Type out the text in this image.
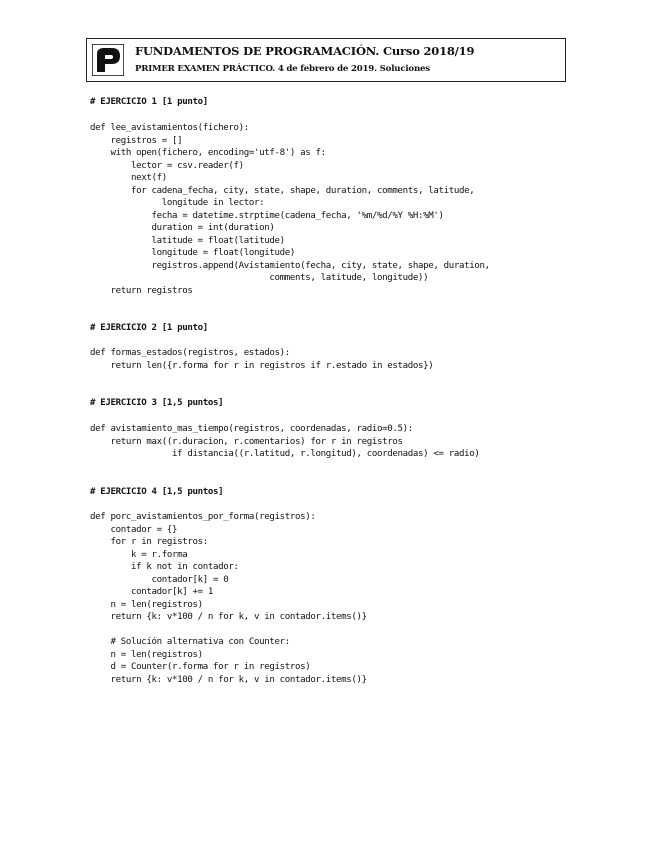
FUNDAMENTOS DE PROGRAMACIÓN. Curso 2018/19
PRIMER EXAMEN PRÁCTICO. 4 de febrero de 2019. Soluciones
# EJERCICIO 1 [1 punto]
def lee_avistamientos(fichero):
registros = []
with open(fichero, encoding='utf-8') as f:
lector = csv.reader(f)
next(f)
for cadena_fecha, city, state, shape, duration, comments, latitude,
longitude in lector:
fecha = datetime.strptime(cadena_fecha, '%m/%d/%Y %H:%M')
duration = int(duration)
latitude = float(latitude)
longitude = float(longitude)
registros.append(Avistamiento(fecha, city, state, shape, duration,
comments, latitude, longitude))
return registros
# EJERCICIO 2 [1 punto]
def formas_estados(registros, estados):
return len({r.forma for r in registros if r.estado in estados})
# EJERCICIO 3 [1,5 puntos]
def avistamiento_mas_tiempo(registros, coordenadas, radio=0.5):
return max((r.duracion, r.comentarios) for r in registros
if distancia((r.latitud, r.longitud), coordenadas) <= radio)
# EJERCICIO 4 [1,5 puntos]
def porc_avistamientos_por_forma(registros):
contador = {}
for r in registros:
k = r.forma
if k not in contador:
contador[k] = 0
contador[k] += 1
n = len(registros)
return {k: v*100 / n for k, v in contador.items()}

# Solución alternativa con Counter:
n = len(registros)
d = Counter(r.forma for r in registros)
return {k: v*100 / n for k, v in contador.items()}
